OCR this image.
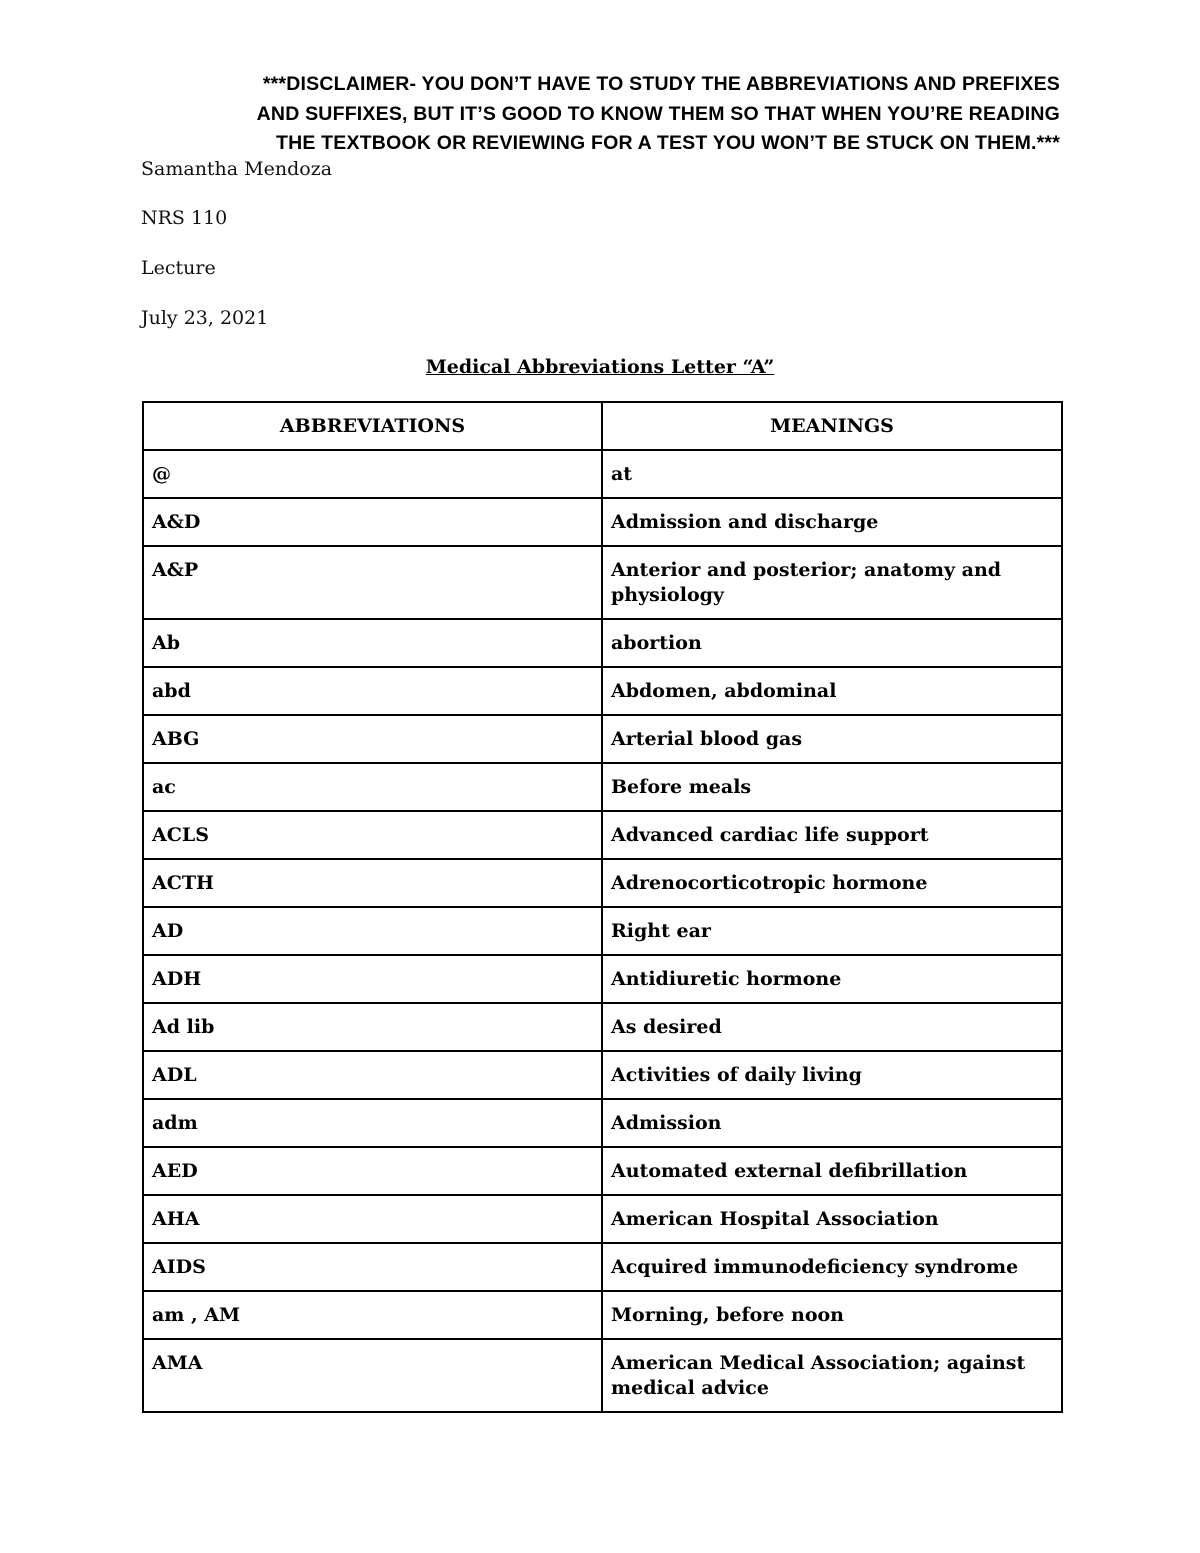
***DISCLAIMER- YOU DON’T HAVE TO STUDY THE ABBREVIATIONS AND PREFIXES
AND SUFFIXES, BUT IT’S GOOD TO KNOW THEM SO THAT WHEN YOU’RE READING
THE TEXTBOOK OR REVIEWING FOR A TEST YOU WON’T BE STUCK ON THEM.***

Samantha Mendoza

NRS 110

Lecture

July 23, 2021

Medical Abbreviations Letter “A”
ABBREVIATIONS	MEANINGS
@	at
A&D	Admission and discharge
A&P	Anterior and posterior; anatomy and physiology
Ab	abortion
abd	Abdomen, abdominal
ABG	Arterial blood gas
ac	Before meals
ACLS	Advanced cardiac life support
ACTH	Adrenocorticotropic hormone
AD	Right ear
ADH	Antidiuretic hormone
Ad lib	As desired
ADL	Activities of daily living
adm	Admission
AED	Automated external defibrillation
AHA	American Hospital Association
AIDS	Acquired immunodeficiency syndrome
am , AM	Morning, before noon
AMA	American Medical Association; against medical advice
